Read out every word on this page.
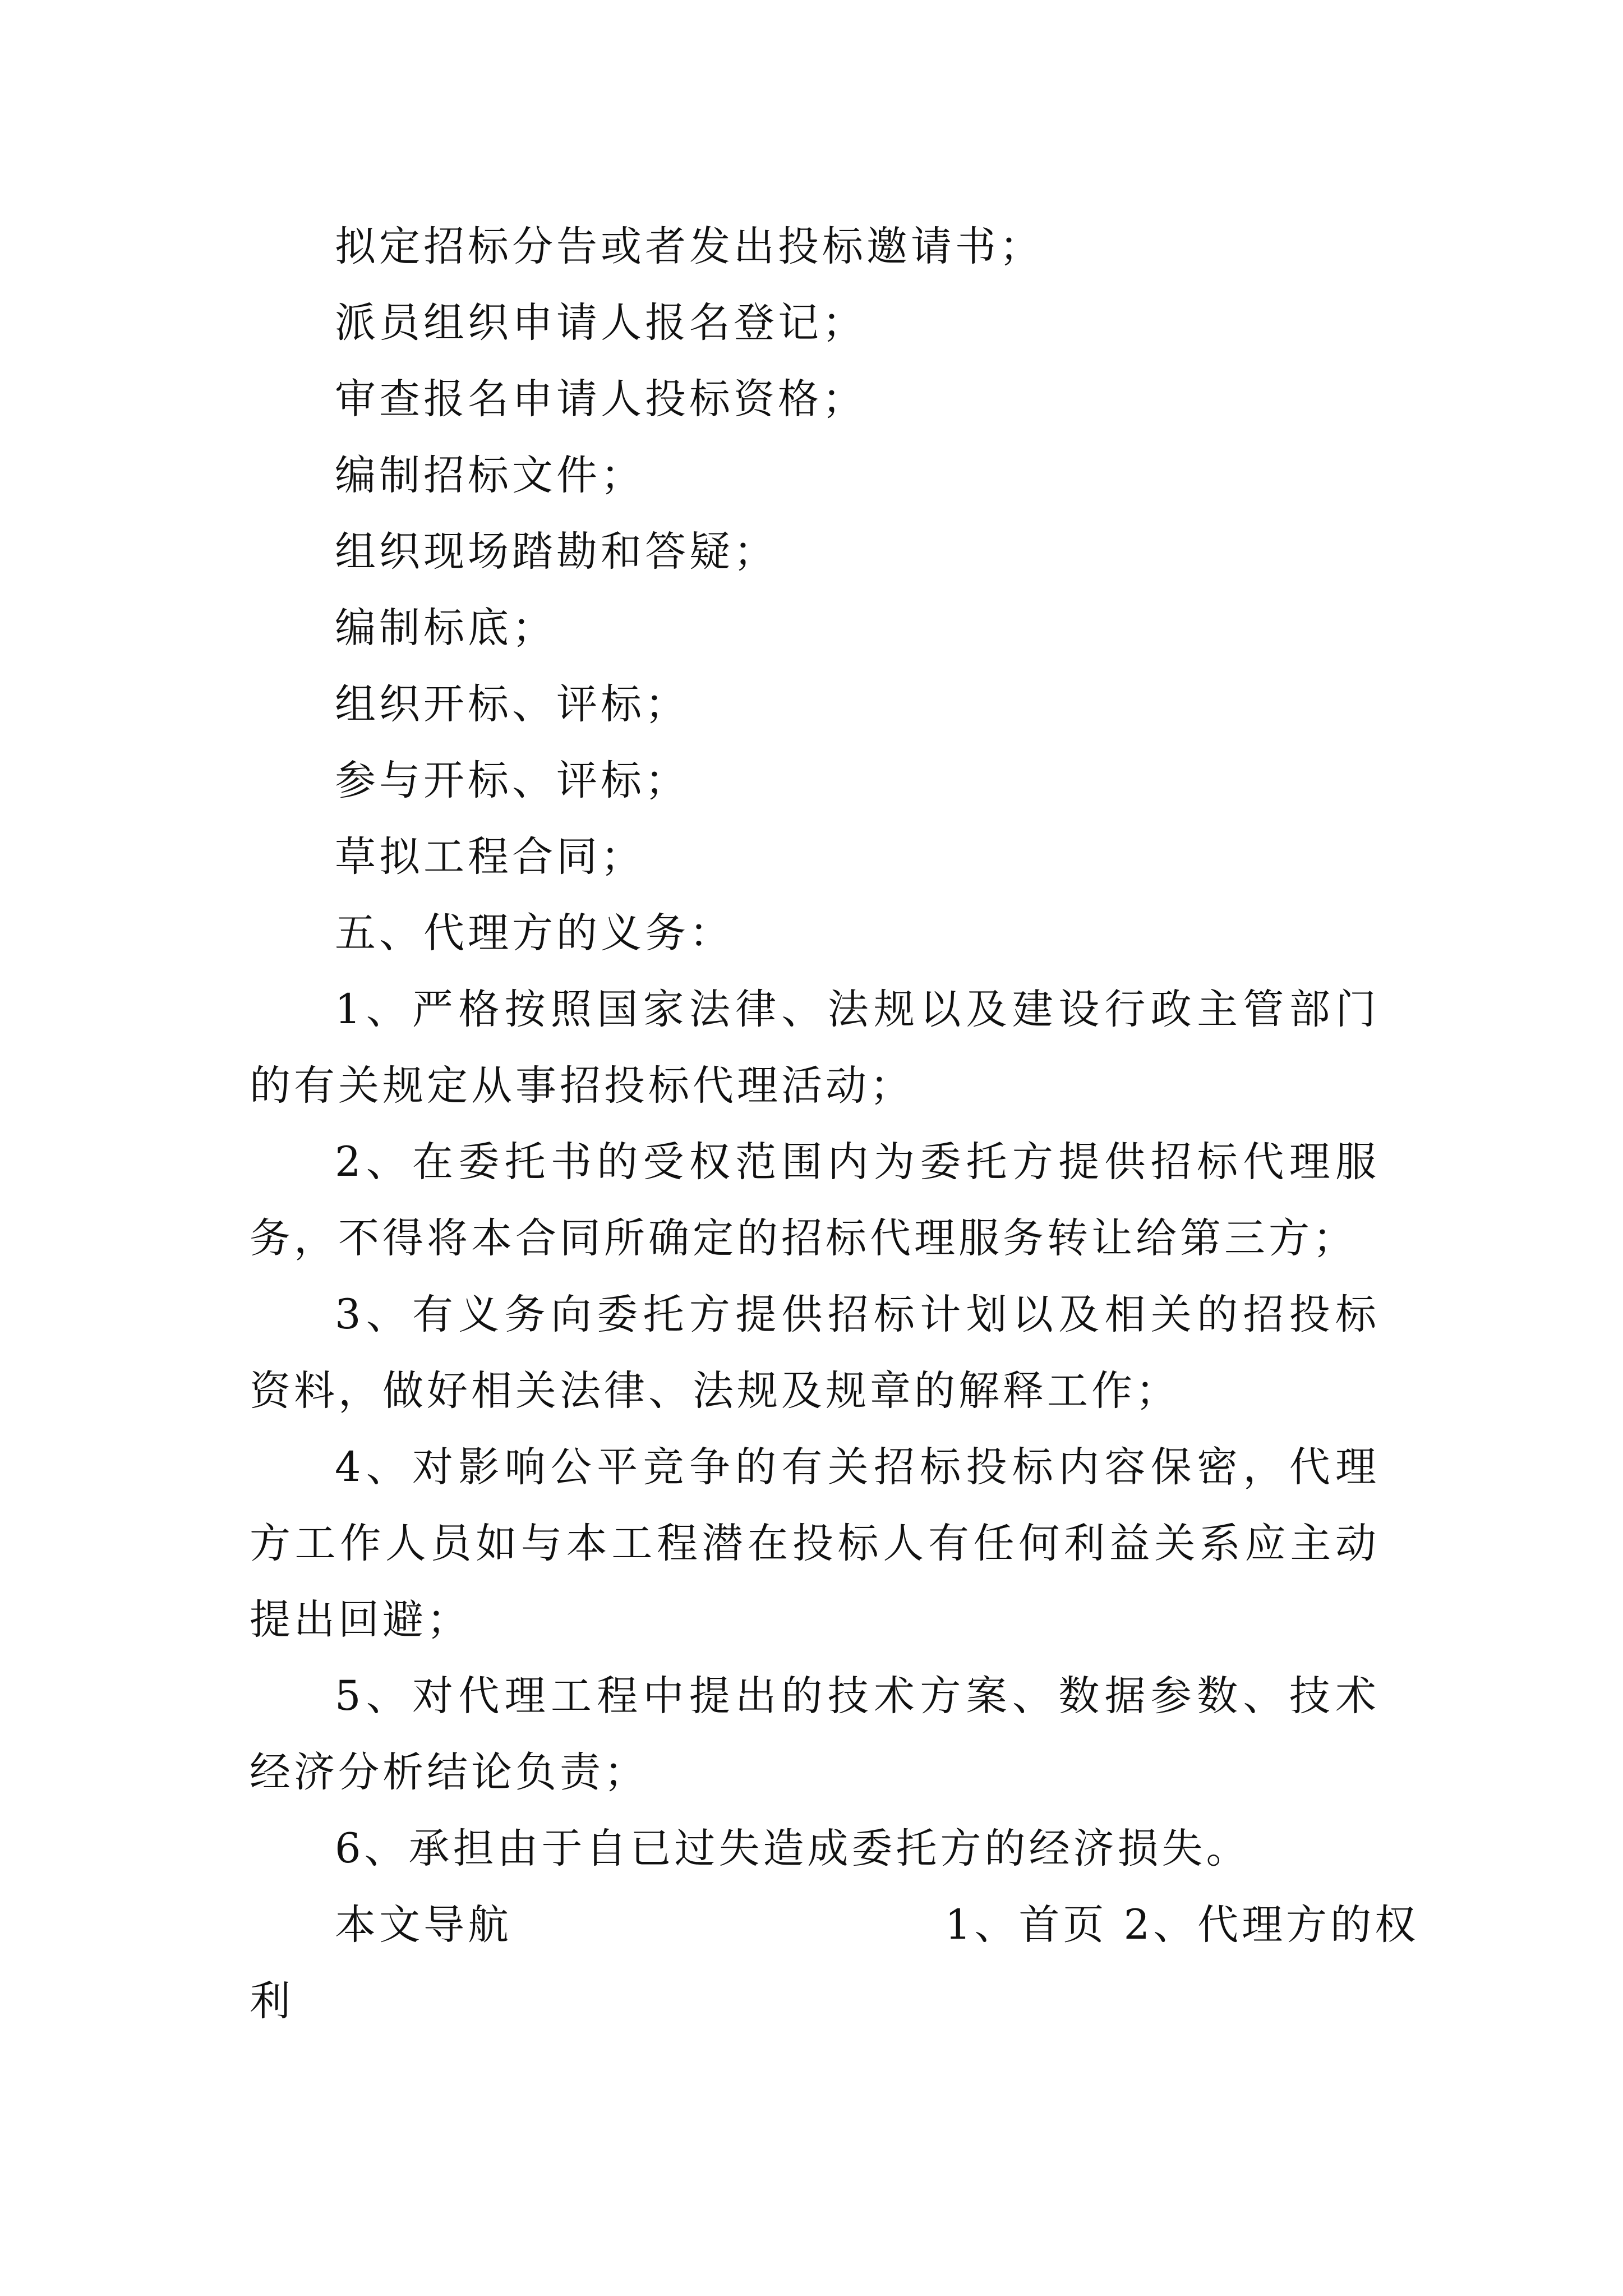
拟定招标分告或者发出投标邀请书；

派员组织申请人报名登记；

审查报名申请人投标资格；

编制招标文件；

组织现场踏勘和答疑；

编制标底；

组织开标、评标；

参与开标、评标；

草拟工程合同；

五、代理方的义务：

1、严格按照国家法律、法规以及建设行政主管部门的有关规定从事招投标代理活动；

2、在委托书的受权范围内为委托方提供招标代理服务，不得将本合同所确定的招标代理服务转让给第三方；

3、有义务向委托方提供招标计划以及相关的招投标资料，做好相关法律、法规及规章的解释工作；

4、对影响公平竞争的有关招标投标内容保密，代理方工作人员如与本工程潜在投标人有任何利益关系应主动提出回避；

5、对代理工程中提出的技术方案、数据参数、技术经济分析结论负责；

6、承担由于自已过失造成委托方的经济损失。

本文导航	1、首页 2、代理方的权
利
